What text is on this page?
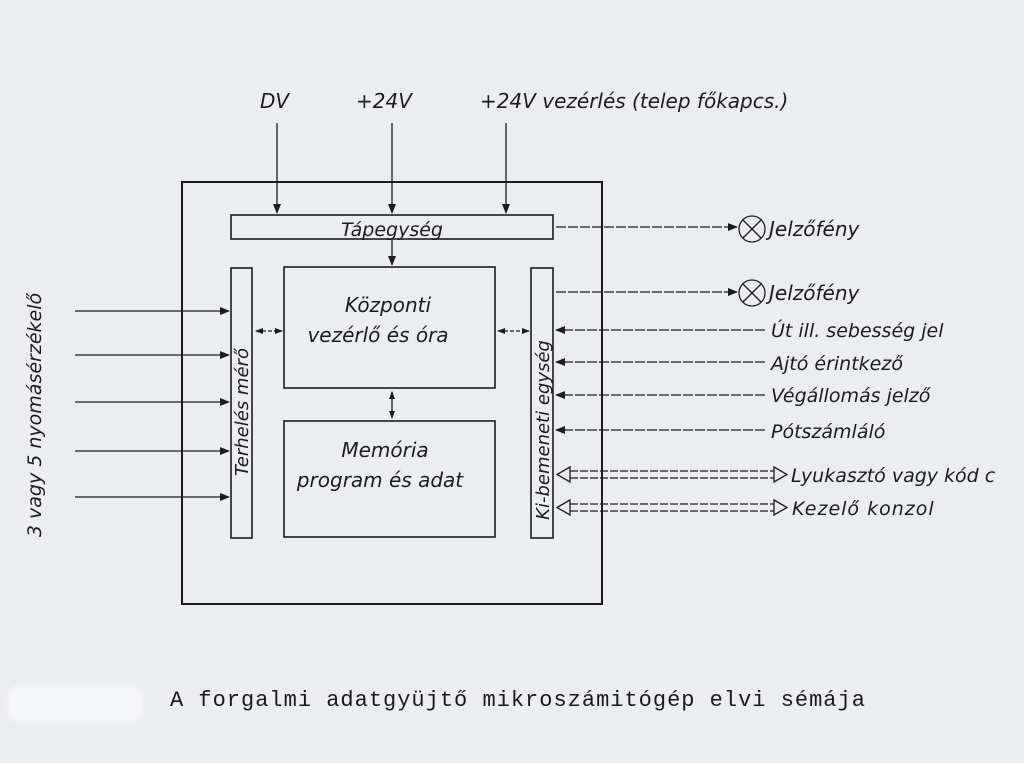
DV	+24V	+24V vezérlés (telep főkapcs.)
Tápegység
Központi
vezérlő és óra
Memória
program és adat
Terhelés mérő	Ki-bemeneti egység
3 vagy 5 nyomásérzékelő
Jelzőfény
Jelzőfény
Út ill. sebesség jel
Ajtó érintkező
Végállomás jelző
Pótszámláló
Lyukasztó vagy kód c
Kezelő konzol
A forgalmi adatgyüjtő mikroszámitógép elvi sémája
